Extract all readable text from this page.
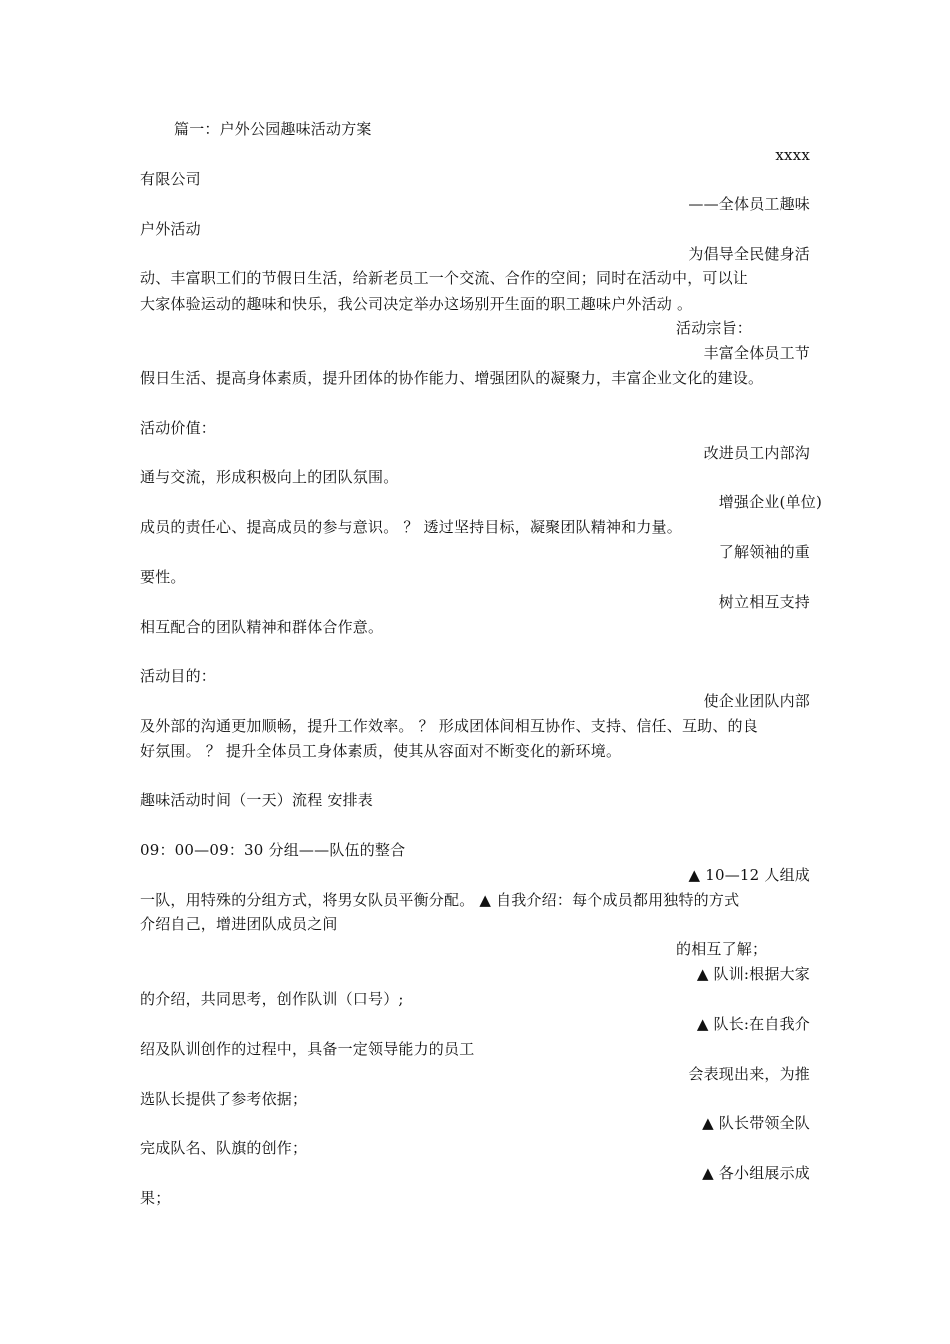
篇一：户外公园趣味活动方案
xxxx
有限公司
——全体员工趣味
户外活动
为倡导全民健身活
动、丰富职工们的节假日生活，给新老员工一个交流、合作的空间；同时在活动中，可以让
大家体验运动的趣味和快乐，我公司决定举办这场别开生面的职工趣味户外活动 。
活动宗旨：
丰富全体员工节
假日生活、提高身体素质，提升团体的协作能力、增强团队的凝聚力，丰富企业文化的建设。
活动价值：
改进员工内部沟
通与交流，形成积极向上的团队氛围。
增强企业(单位)
成员的责任心、提高成员的参与意识。 ？ 透过坚持目标，凝聚团队精神和力量。
了解领袖的重
要性。
树立相互支持
相互配合的团队精神和群体合作意。
活动目的：
使企业团队内部
及外部的沟通更加顺畅，提升工作效率。 ？ 形成团体间相互协作、支持、信任、互助、的良
好氛围。 ？ 提升全体员工身体素质，使其从容面对不断变化的新环境。
趣味活动时间（一天）流程 安排表
09：00—09：30 分组——队伍的整合
▲ 10—12 人组成
一队，用特殊的分组方式，将男女队员平衡分配。 ▲ 自我介绍：每个成员都用独特的方式
介绍自己，增进团队成员之间
的相互了解；
▲ 队训:根据大家
的介绍，共同思考，创作队训（口号）;
▲ 队长:在自我介
绍及队训创作的过程中，具备一定领导能力的员工
会表现出来，为推
选队长提供了参考依据；
▲ 队长带领全队
完成队名、队旗的创作；
▲ 各小组展示成
果；
